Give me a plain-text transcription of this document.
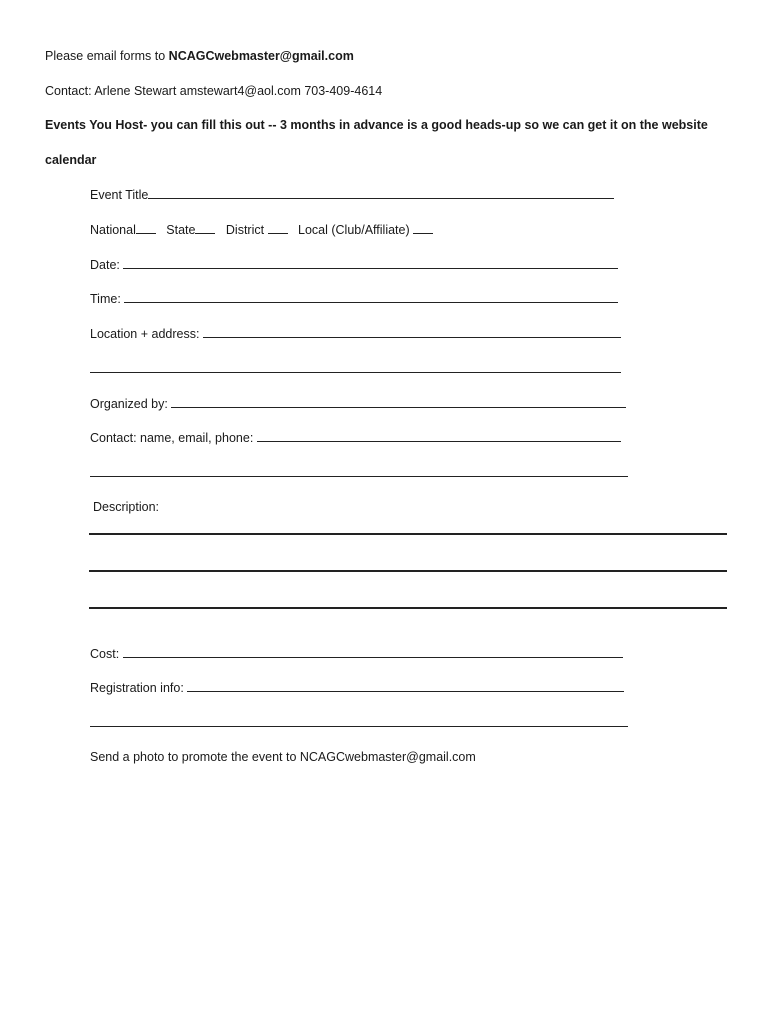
Please email forms to NCAGCwebmaster@gmail.com
Contact: Arlene Stewart amstewart4@aol.com 703-409-4614
Events You Host- you can fill this out -- 3 months in advance is a good heads-up so we can get it on the website
calendar
Event Title
National State District	Local (Club/Affiliate)
Date:
Time:
Location + address:
Organized by:
Contact: name, email, phone:
Description:
Cost:
Registration info:
Send a photo to promote the event to NCAGCwebmaster@gmail.com
